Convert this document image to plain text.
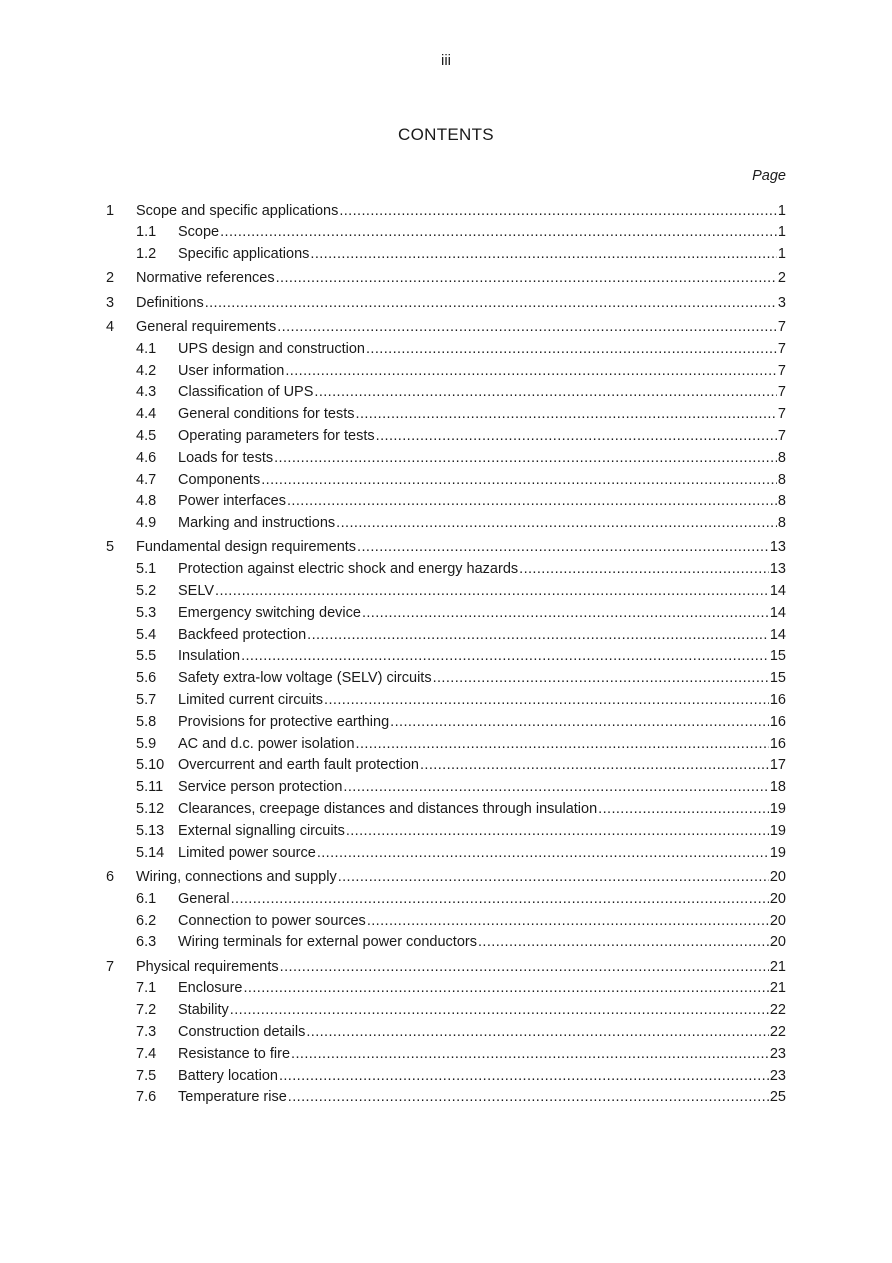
iii
CONTENTS
Page
1	Scope and specific applications .....	1
1.1	Scope .....	1
1.2	Specific applications .....	1
2	Normative references .....	2
3	Definitions .....	3
4	General requirements .....	7
4.1	UPS design and construction .....	7
4.2	User information .....	7
4.3	Classification of UPS .....	7
4.4	General conditions for tests .....	7
4.5	Operating parameters for tests .....	7
4.6	Loads for tests .....	8
4.7	Components .....	8
4.8	Power interfaces .....	8
4.9	Marking and instructions .....	8
5	Fundamental design requirements .....	13
5.1	Protection against electric shock and energy hazards .....	13
5.2	SELV .....	14
5.3	Emergency switching device .....	14
5.4	Backfeed protection .....	14
5.5	Insulation .....	15
5.6	Safety extra-low voltage (SELV) circuits .....	15
5.7	Limited current circuits .....	16
5.8	Provisions for protective earthing .....	16
5.9	AC and d.c. power isolation .....	16
5.10 Overcurrent and earth fault protection .....	17
5.11	Service person protection .....	18
5.12 Clearances, creepage distances and distances through insulation .....	19
5.13 External signalling circuits .....	19
5.14 Limited power source .....	19
6	Wiring, connections and supply .....	20
6.1	General .....	20
6.2	Connection to power sources .....	20
6.3	Wiring terminals for external power conductors .....	20
7	Physical requirements .....	21
7.1	Enclosure .....	21
7.2	Stability .....	22
7.3	Construction details .....	22
7.4	Resistance to fire .....	23
7.5	Battery location .....	23
7.6	Temperature rise .....	25
